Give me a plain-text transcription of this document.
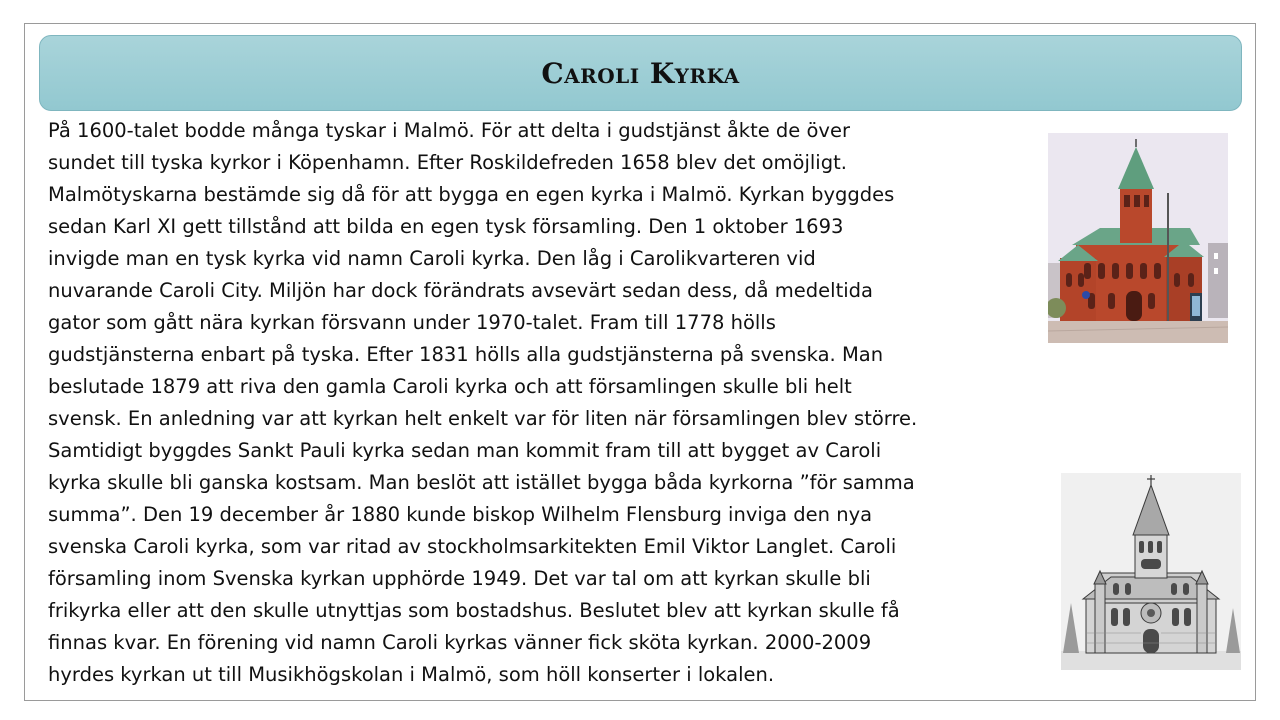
Caroli Kyrka

På 1600-talet bodde många tyskar i Malmö. För att delta i gudstjänst åkte de över
sundet till tyska kyrkor i Köpenhamn. Efter Roskildefreden 1658 blev det omöjligt.
Malmötyskarna bestämde sig då för att bygga en egen kyrka i Malmö. Kyrkan byggdes
sedan Karl XI gett tillstånd att bilda en egen tysk församling. Den 1 oktober 1693
invigde man en tysk kyrka vid namn Caroli kyrka. Den låg i Carolikvarteren vid
nuvarande Caroli City. Miljön har dock förändrats avsevärt sedan dess, då medeltida
gator som gått nära kyrkan försvann under 1970-talet. Fram till 1778 hölls
gudstjänsterna enbart på tyska. Efter 1831 hölls alla gudstjänsterna på svenska. Man
beslutade 1879 att riva den gamla Caroli kyrka och att församlingen skulle bli helt
svensk. En anledning var att kyrkan helt enkelt var för liten när församlingen blev större.
Samtidigt byggdes Sankt Pauli kyrka sedan man kommit fram till att bygget av Caroli
kyrka skulle bli ganska kostsam. Man beslöt att istället bygga båda kyrkorna ”för samma
summa”. Den 19 december år 1880 kunde biskop Wilhelm Flensburg inviga den nya
svenska Caroli kyrka, som var ritad av stockholmsarkitekten Emil Viktor Langlet. Caroli
församling inom Svenska kyrkan upphörde 1949. Det var tal om att kyrkan skulle bli
frikyrka eller att den skulle utnyttjas som bostadshus. Beslutet blev att kyrkan skulle få
finnas kvar. En förening vid namn Caroli kyrkas vänner fick sköta kyrkan. 2000-2009
hyrdes kyrkan ut till Musikhögskolan i Malmö, som höll konserter i lokalen.
